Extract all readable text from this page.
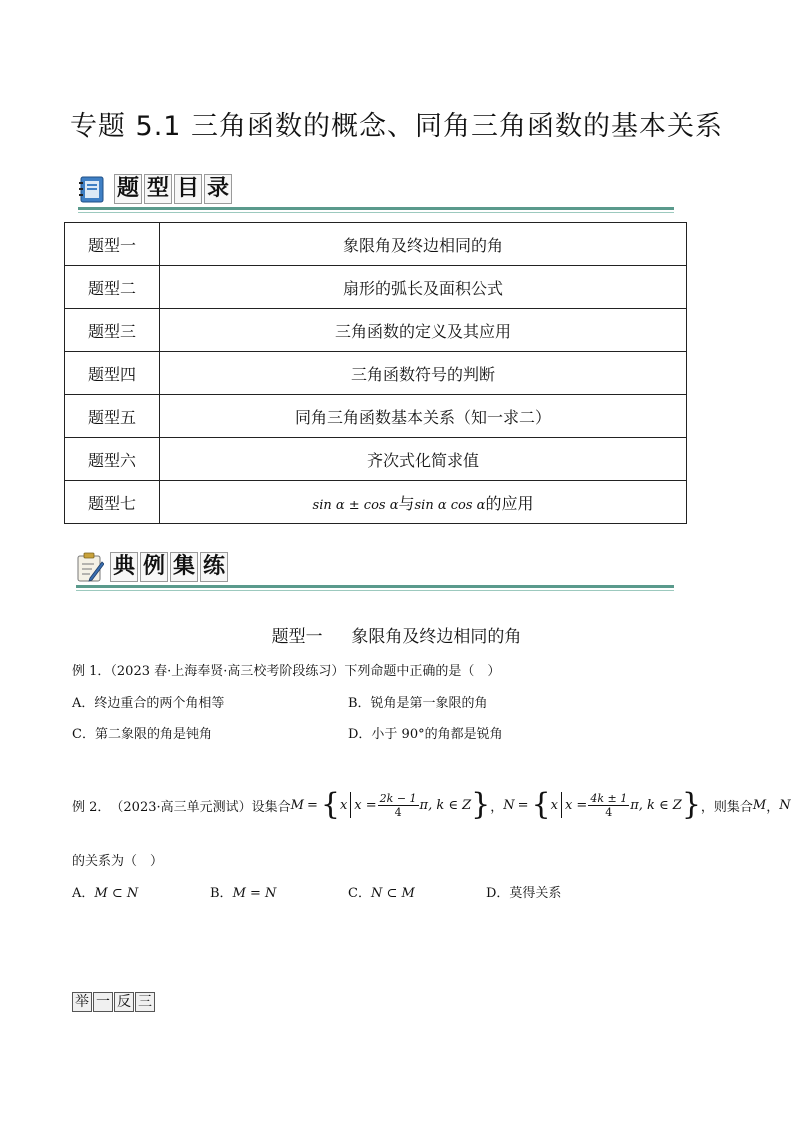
专题 5.1 三角函数的概念、同角三角函数的基本关系
题 型 目 录
题型一	象限角及终边相同的角
题型二	扇形的弧长及面积公式
题型三	三角函数的定义及其应用
题型四	三角函数符号的判断
题型五	同角三角函数基本关系（知一求二）
题型六	齐次式化简求值
题型七	sin α ± cos α与sin α cos α的应用
典 例 集 练
题型一 象限角及终边相同的角
例 1．（2023 春·上海奉贤·高三校考阶段练习）下列命题中正确的是（　）
A．终边重合的两个角相等	B．锐角是第一象限的角
C．第二象限的角是钝角	D．小于 90°的角都是锐角
例 2． （2023·高三单元测试） 设集合 M = { x $x = \frac{2k - 1}{4} \pi$, k ∈ Z } ， N = { x $x = \frac{4k \pm 1}{4} \pi$, k ∈ Z } ，则集合 M ， N
的关系为（　）
A．M ⊂ N	B．M = N	C．N ⊂ M	D．莫得关系
举 一 反 三
